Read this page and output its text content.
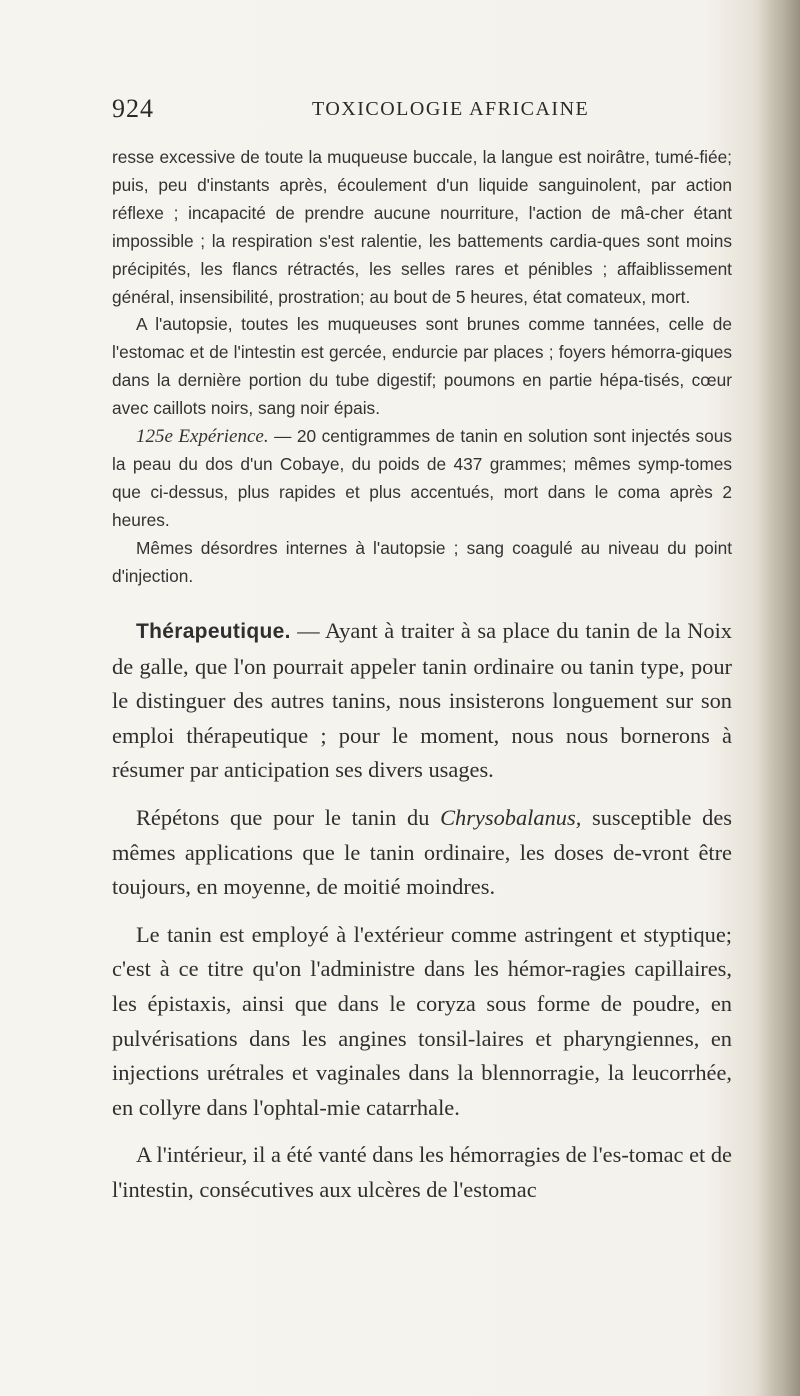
924	TOXICOLOGIE AFRICAINE

resse excessive de toute la muqueuse buccale, la langue est noirâtre, tumé-fiée; puis, peu d'instants après, écoulement d'un liquide sanguinolent, par action réflexe ; incapacité de prendre aucune nourriture, l'action de mâ-cher étant impossible ; la respiration s'est ralentie, les battements cardia-ques sont moins précipités, les flancs rétractés, les selles rares et pénibles ; affaiblissement général, insensibilité, prostration; au bout de 5 heures, état comateux, mort.

A l'autopsie, toutes les muqueuses sont brunes comme tannées, celle de l'estomac et de l'intestin est gercée, endurcie par places ; foyers hémorra-giques dans la dernière portion du tube digestif; poumons en partie hépa-tisés, cœur avec caillots noirs, sang noir épais.

125e Expérience. — 20 centigrammes de tanin en solution sont injectés sous la peau du dos d'un Cobaye, du poids de 437 grammes; mêmes symp-tomes que ci-dessus, plus rapides et plus accentués, mort dans le coma après 2 heures.

Mêmes désordres internes à l'autopsie ; sang coagulé au niveau du point d'injection.

Thérapeutique. — Ayant à traiter à sa place du tanin de la Noix de galle, que l'on pourrait appeler tanin ordinaire ou tanin type, pour le distinguer des autres tanins, nous insisterons longuement sur son emploi thérapeutique ; pour le moment, nous nous bornerons à résumer par anticipation ses divers usages.

Répétons que pour le tanin du Chrysobalanus, susceptible des mêmes applications que le tanin ordinaire, les doses de-vront être toujours, en moyenne, de moitié moindres.

Le tanin est employé à l'extérieur comme astringent et styptique; c'est à ce titre qu'on l'administre dans les hémor-ragies capillaires, les épistaxis, ainsi que dans le coryza sous forme de poudre, en pulvérisations dans les angines tonsil-laires et pharyngiennes, en injections urétrales et vaginales dans la blennorragie, la leucorrhée, en collyre dans l'ophtal-mie catarrhale.

A l'intérieur, il a été vanté dans les hémorragies de l'es-tomac et de l'intestin, consécutives aux ulcères de l'estomac
